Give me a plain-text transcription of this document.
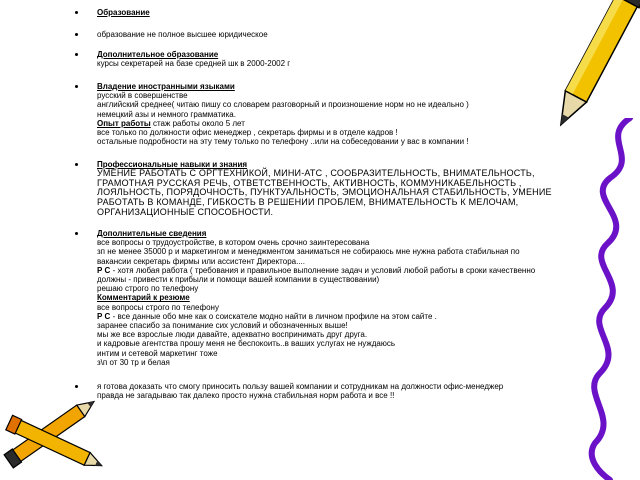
Образование
образование не полное высшее юридическое
Дополнительное образование
курсы секретарей на базе средней шк в 2000-2002 г
Владение иностранными языками
русский в совершенстве
английский среднее( читаю пишу со словарем разговорный и произношение норм но не идеально )
немецкий азы и немного грамматика.
Опыт работы стаж работы около 5 лет
все только по должности офис менеджер , секретарь фирмы и в отделе кадров !
остальные подробности на эту тему только по телефону ..или на собеседовании у вас в компании !
Профессиональные навыки и знания
УМЕНИЕ РАБОТАТЬ С ОРГТЕХНИКОЙ, МИНИ-АТС , СООБРАЗИТЕЛЬНОСТЬ, ВНИМАТЕЛЬНОСТЬ,
ГРАМОТНАЯ РУССКАЯ РЕЧЬ, ОТВЕТСТВЕННОСТЬ, АКТИВНОСТЬ, КОММУНИКАБЕЛЬНОСТЬ ,
ЛОЯЛЬНОСТЬ, ПОРЯДОЧНОСТЬ, ПУНКТУАЛЬНОСТЬ, ЭМОЦИОНАЛЬНАЯ СТАБИЛЬНОСТЬ, УМЕНИЕ
РАБОТАТЬ В КОМАНДЕ, ГИБКОСТЬ В РЕШЕНИИ ПРОБЛЕМ, ВНИМАТЕЛЬНОСТЬ К МЕЛОЧАМ,
ОРГАНИЗАЦИОННЫЕ СПОСОБНОСТИ.
Дополнительные сведения
все вопросы о трудоустройстве, в котором очень срочно заинтересована
зп не менее 35000 р и маркетингом и менеджментом заниматься не собираюсь мне нужна работа стабильная по
вакансии секретарь фирмы или ассистент Директора....
Р С - хотя любая работа ( требования и правильное выполнение задач и условий любой работы в сроки качественно
должны - привести к прибыли и помощи вашей компании в существовании)
решаю строго по телефону
Комментарий к резюме
все вопросы строго по телефону
Р С - все данные обо мне как о соискателе модно найти в личном профиле на этом сайте .
заранее спасибо за понимание сих условий и обозначенных выше!
мы же все взрослые люди давайте, адекватно воспринимать друг друга.
и кадровые агентства прошу меня не беспокоить..в ваших услугах не нуждаюсь
интим и сетевой маркетинг тоже
з\п от 30 тр и белая
я готова доказать что смогу приносить пользу вашей компании и сотрудникам на должности офис-менеджер
правда не загадываю так далеко просто нужна стабильная норм работа и все !!
